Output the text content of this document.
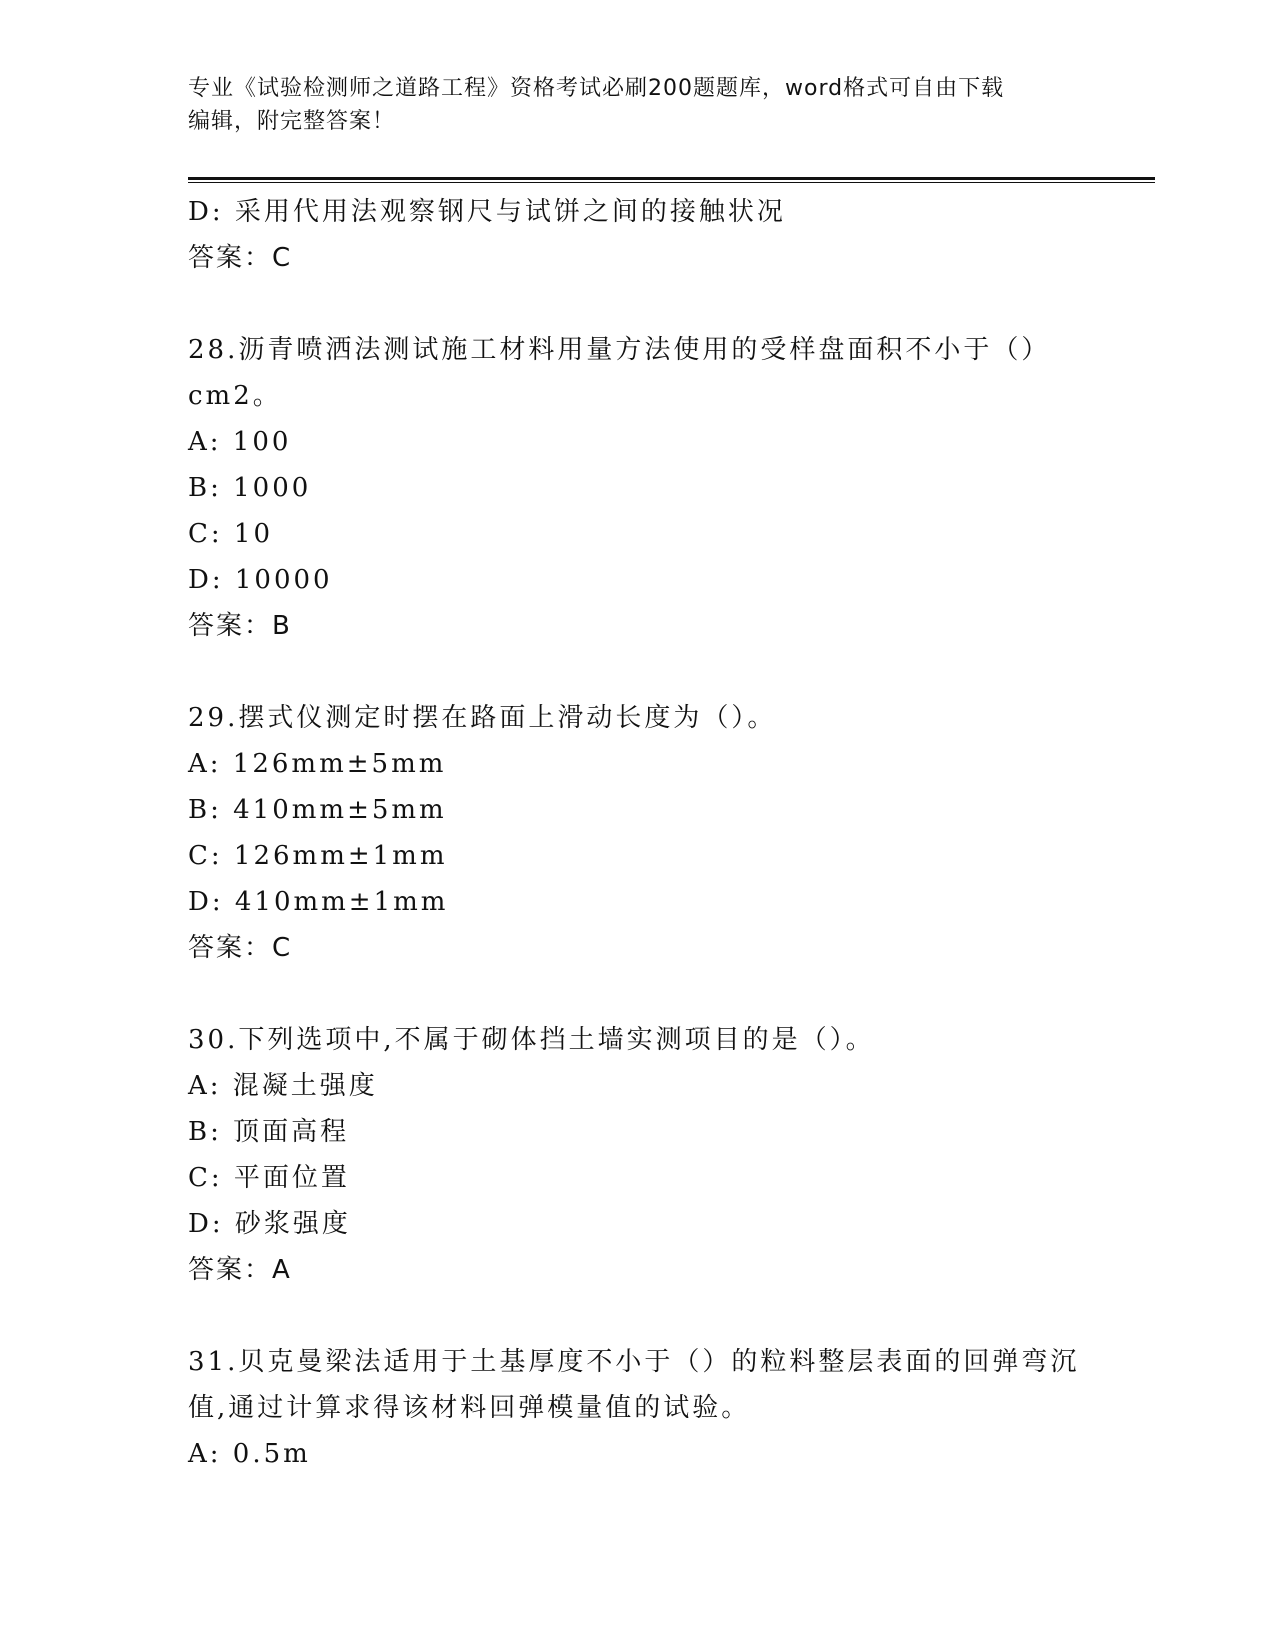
专业《试验检测师之道路工程》资格考试必刷200题题库，word格式可自由下载
编辑，附完整答案！
D: 采用代用法观察钢尺与试饼之间的接触状况
答案：C
28.沥青喷洒法测试施工材料用量方法使用的受样盘面积不小于（）
cm2。
A: 100
B: 1000
C: 10
D: 10000
答案：B
29.摆式仪测定时摆在路面上滑动长度为（）。
A: 126mm±5mm
B: 410mm±5mm
C: 126mm±1mm
D: 410mm±1mm
答案：C
30.下列选项中,不属于砌体挡土墙实测项目的是（）。
A: 混凝土强度
B: 顶面高程
C: 平面位置
D: 砂浆强度
答案：A
31.贝克曼梁法适用于土基厚度不小于（）的粒料整层表面的回弹弯沉
值,通过计算求得该材料回弹模量值的试验。
A: 0.5m
